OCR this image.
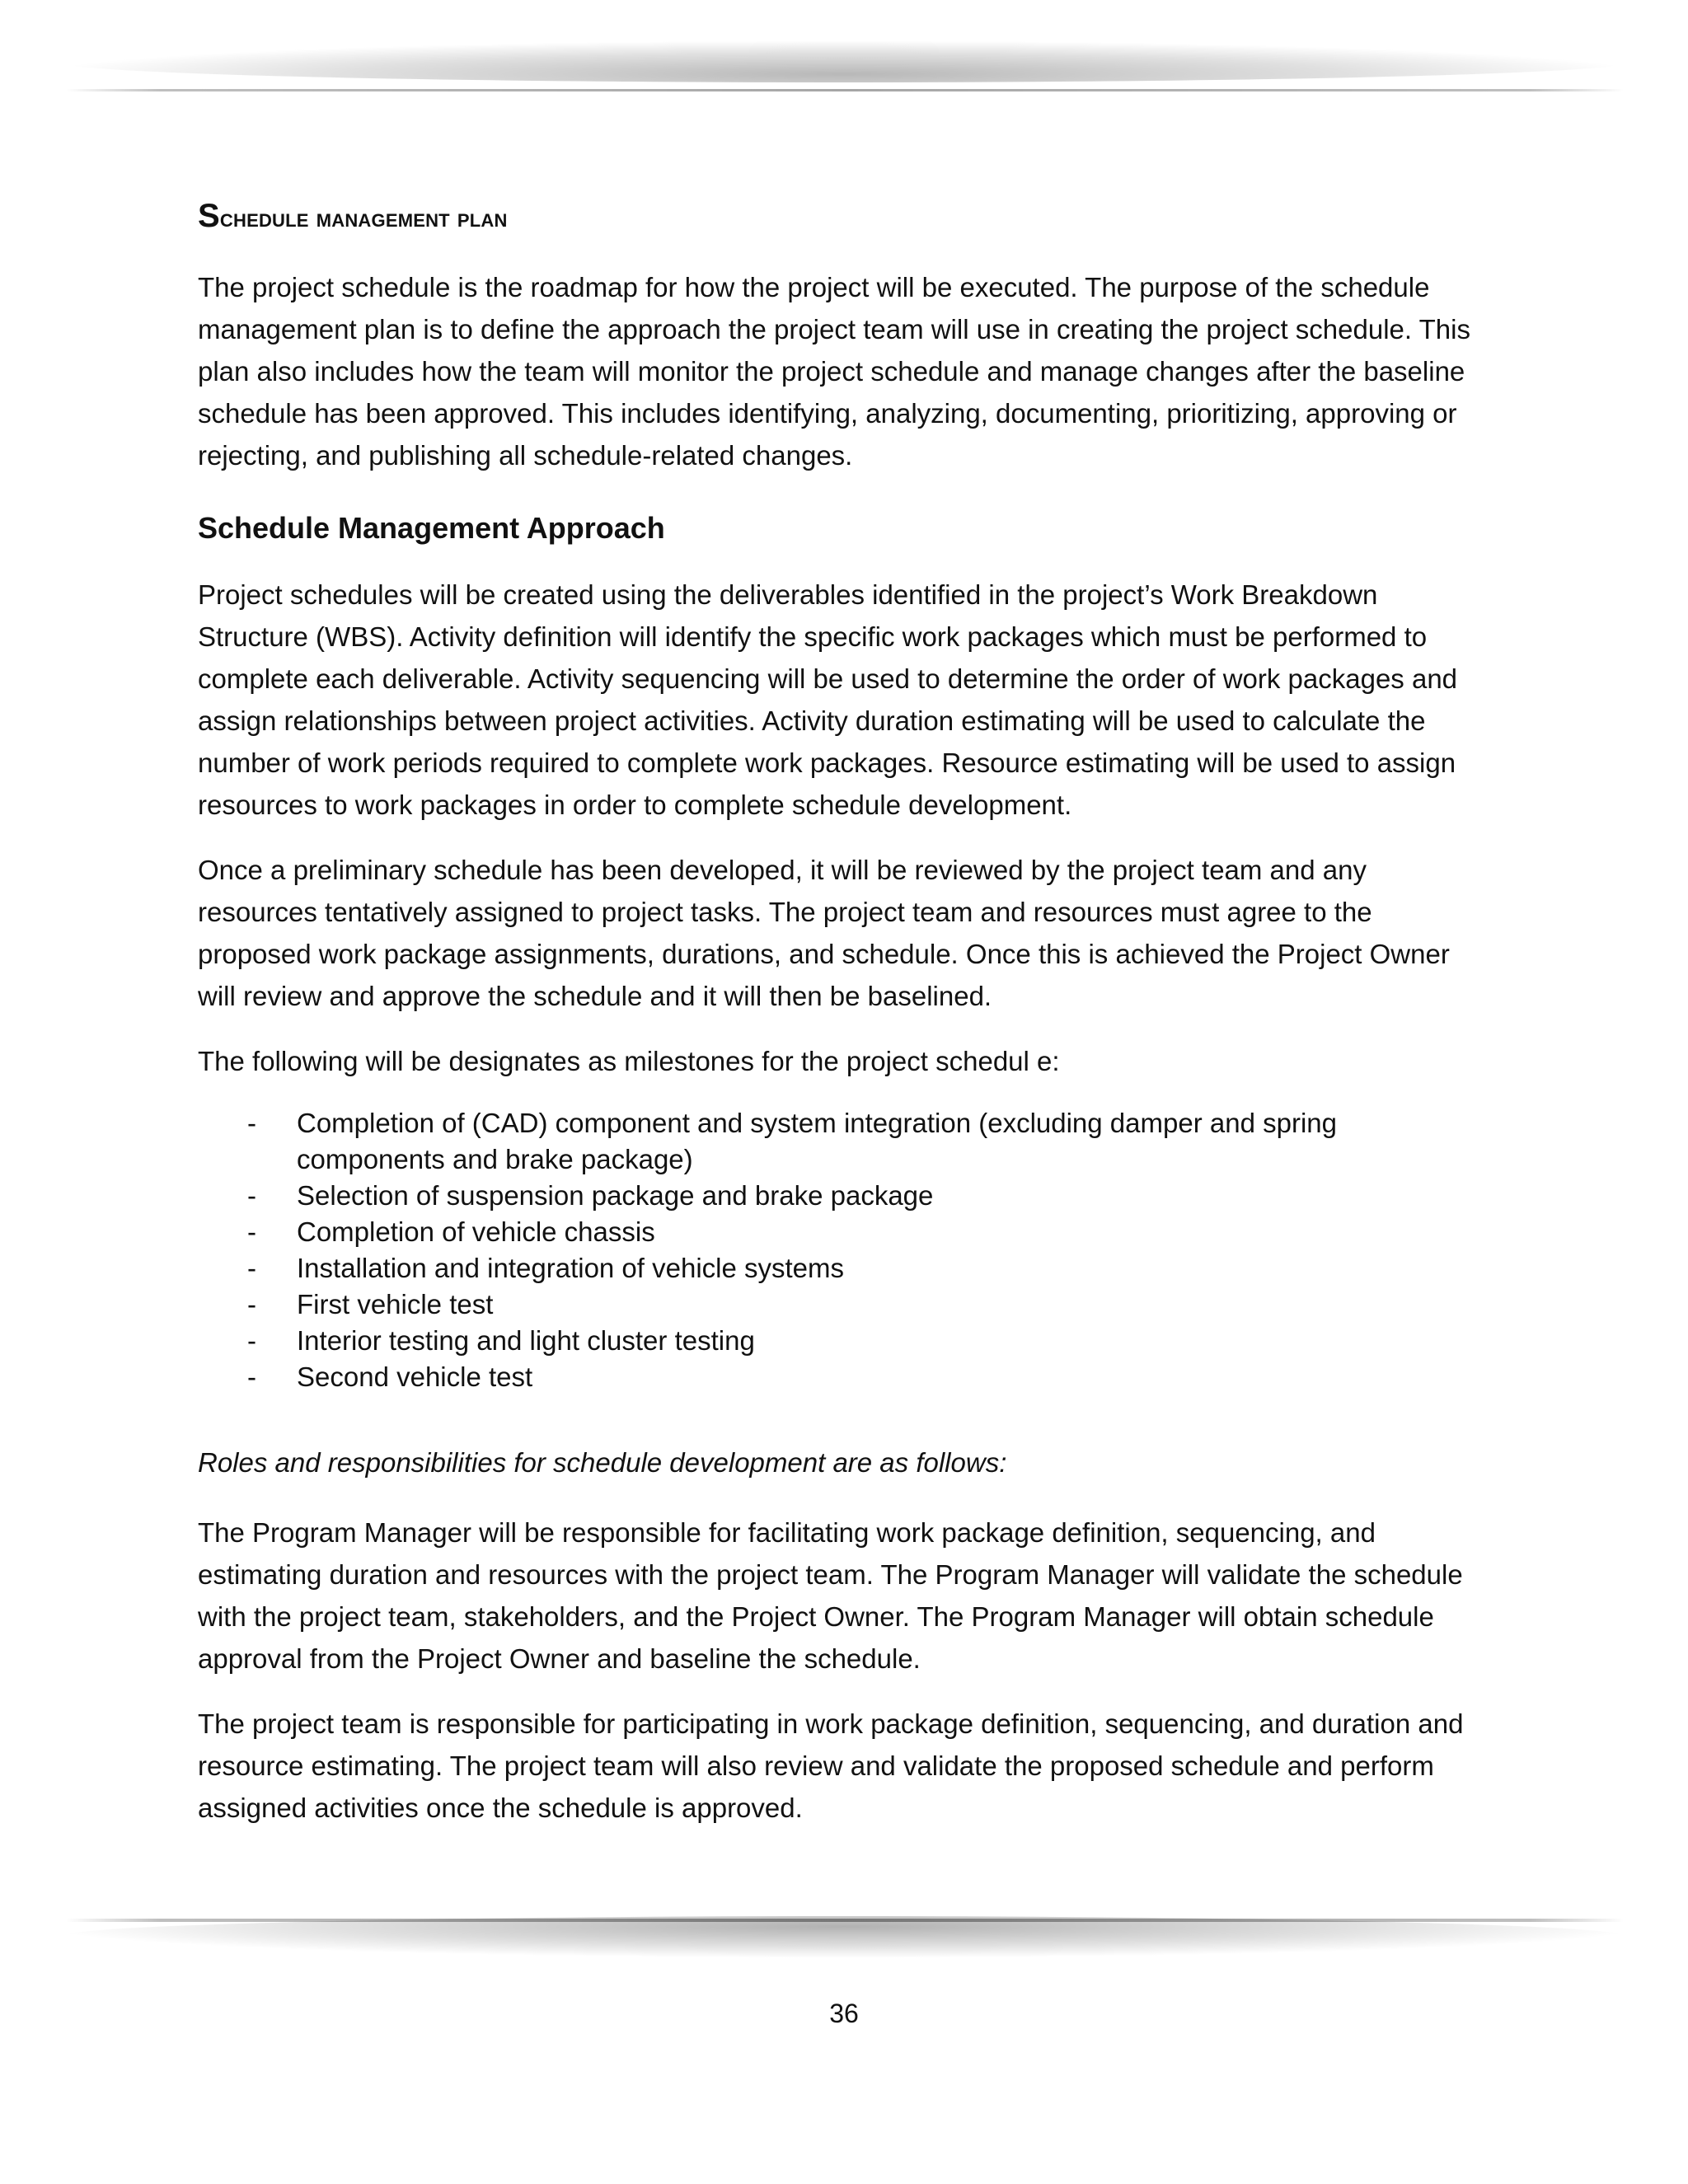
Schedule management plan

The project schedule is the roadmap for how the project will be executed. The purpose of the schedule management plan is to define the approach the project team will use in creating the project schedule. This plan also includes how the team will monitor the project schedule and manage changes after the baseline schedule has been approved. This includes identifying, analyzing, documenting, prioritizing, approving or rejecting, and publishing all schedule-related changes.

Schedule Management Approach

Project schedules will be created using the deliverables identified in the project’s Work Breakdown Structure (WBS). Activity definition will identify the specific work packages which must be performed to complete each deliverable. Activity sequencing will be used to determine the order of work packages and assign relationships between project activities. Activity duration estimating will be used to calculate the number of work periods required to complete work packages. Resource estimating will be used to assign resources to work packages in order to complete schedule development.

Once a preliminary schedule has been developed, it will be reviewed by the project team and any resources tentatively assigned to project tasks. The project team and resources must agree to the proposed work package assignments, durations, and schedule. Once this is achieved the Project Owner will review and approve the schedule and it will then be baselined.

The following will be designates as milestones for the project schedul e:

- Completion of (CAD) component and system integration (excluding damper and spring components and brake package)
- Selection of suspension package and brake package
- Completion of vehicle chassis
- Installation and integration of vehicle systems
- First vehicle test
- Interior testing and light cluster testing
- Second vehicle test

Roles and responsibilities for schedule development are as follows:

The Program Manager will be responsible for facilitating work package definition, sequencing, and estimating duration and resources with the project team. The Program Manager will validate the schedule with the project team, stakeholders, and the Project Owner. The Program Manager will obtain schedule approval from the Project Owner and baseline the schedule.

The project team is responsible for participating in work package definition, sequencing, and duration and resource estimating. The project team will also review and validate the proposed schedule and perform assigned activities once the schedule is approved.

36
